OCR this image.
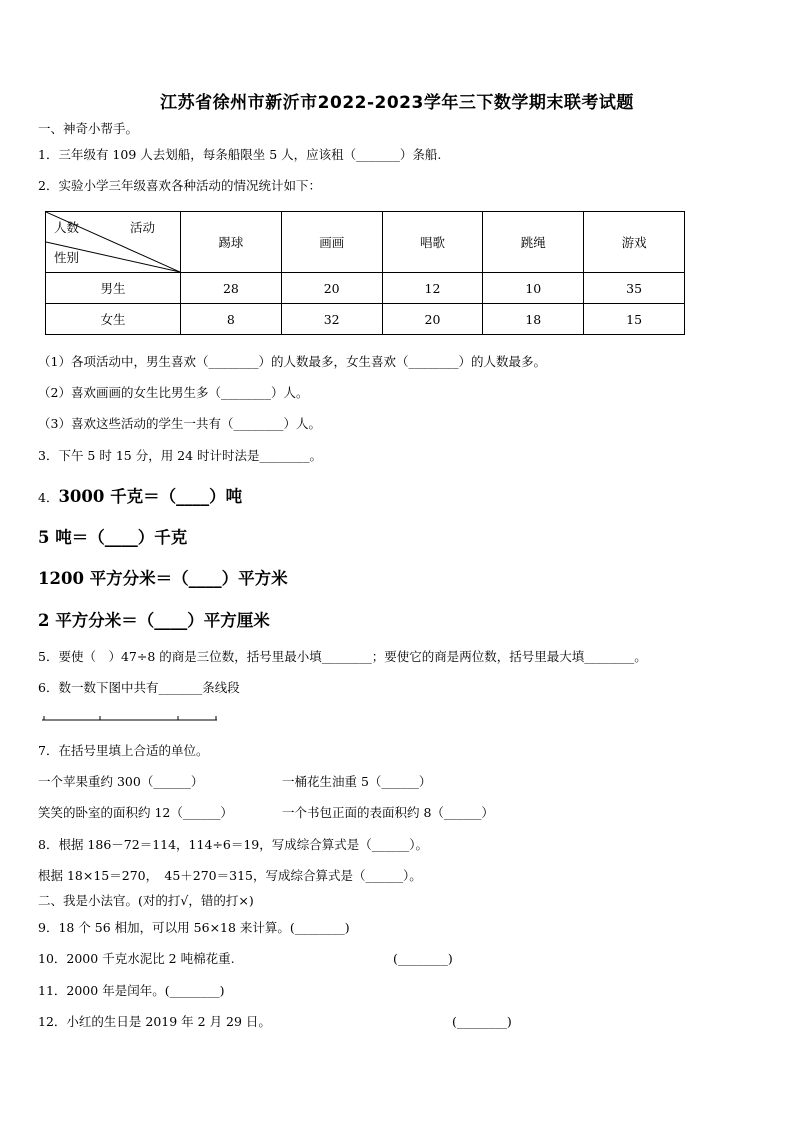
江苏省徐州市新沂市2022-2023学年三下数学期末联考试题
一、神奇小帮手。
1．三年级有 109 人去划船，每条船限坐 5 人，应该租（_______）条船.
2．实验小学三年级喜欢各种活动的情况统计如下：
活动
人数
性别	踢球	画画	唱歌	跳绳	游戏
男生	28	20	12	10	35
女生	8	32	20	18	15
（1）各项活动中，男生喜欢（________）的人数最多，女生喜欢（________）的人数最多。
（2）喜欢画画的女生比男生多（________）人。
（3）喜欢这些活动的学生一共有（________）人。
3．下午 5 时 15 分，用 24 时计时法是________。
4．3000 千克＝（____）吨
5 吨＝（____）千克
1200 平方分米＝（____）平方米
2 平方分米＝（____）平方厘米
5．要使（　）47÷8 的商是三位数，括号里最小填________；要使它的商是两位数，括号里最大填________。
6．数一数下图中共有_______条线段
7．在括号里填上合适的单位。
一个苹果重约 300（______）	一桶花生油重 5（______）
笑笑的卧室的面积约 12（______）	一个书包正面的表面积约 8（______）
8．根据 186－72＝114，114÷6＝19，写成综合算式是（______）。
根据 18×15＝270，　45＋270＝315，写成综合算式是（______）。
二、我是小法官。(对的打√，错的打×)
9．18 个 56 相加，可以用 56×18 来计算。(________)
10．2000 千克水泥比 2 吨棉花重.	(________)
11．2000 年是闰年。(________)
12．小红的生日是 2019 年 2 月 29 日。	(________)
